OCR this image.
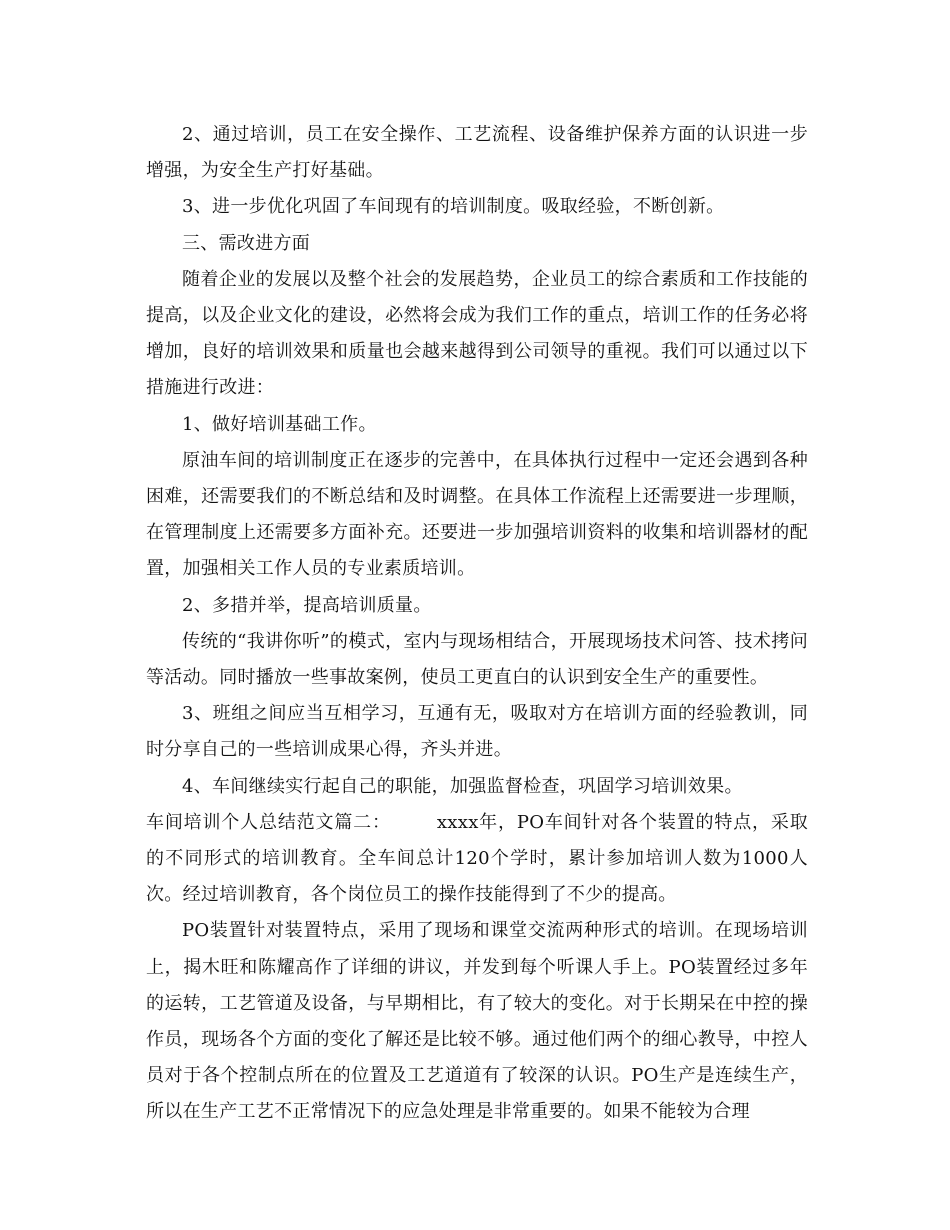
2、通过培训，员工在安全操作、工艺流程、设备维护保养方面的认识进一步增强，为安全生产打好基础。

3、进一步优化巩固了车间现有的培训制度。吸取经验，不断创新。

三、需改进方面

随着企业的发展以及整个社会的发展趋势，企业员工的综合素质和工作技能的提高，以及企业文化的建设，必然将会成为我们工作的重点，培训工作的任务必将增加，良好的培训效果和质量也会越来越得到公司领导的重视。我们可以通过以下措施进行改进：

1、做好培训基础工作。

原油车间的培训制度正在逐步的完善中，在具体执行过程中一定还会遇到各种困难，还需要我们的不断总结和及时调整。在具体工作流程上还需要进一步理顺，在管理制度上还需要多方面补充。还要进一步加强培训资料的收集和培训器材的配置，加强相关工作人员的专业素质培训。

2、多措并举，提高培训质量。

传统的“我讲你听”的模式，室内与现场相结合，开展现场技术问答、技术拷问等活动。同时播放一些事故案例，使员工更直白的认识到安全生产的重要性。

3、班组之间应当互相学习，互通有无，吸取对方在培训方面的经验教训，同时分享自己的一些培训成果心得，齐头并进。

4、车间继续实行起自己的职能，加强监督检查，巩固学习培训效果。

车间培训个人总结范文篇二：	xxxx年，PO车间针对各个装置的特点，采取的不同形式的培训教育。全车间总计120个学时，累计参加培训人数为1000人次。经过培训教育，各个岗位员工的操作技能得到了不少的提高。

PO装置针对装置特点，采用了现场和课堂交流两种形式的培训。在现场培训上，揭木旺和陈耀高作了详细的讲议，并发到每个听课人手上。PO装置经过多年的运转，工艺管道及设备，与早期相比，有了较大的变化。对于长期呆在中控的操作员，现场各个方面的变化了解还是比较不够。通过他们两个的细心教导，中控人员对于各个控制点所在的位置及工艺道道有了较深的认识。PO生产是连续生产，所以在生产工艺不正常情况下的应急处理是非常重要的。如果不能较为合理
